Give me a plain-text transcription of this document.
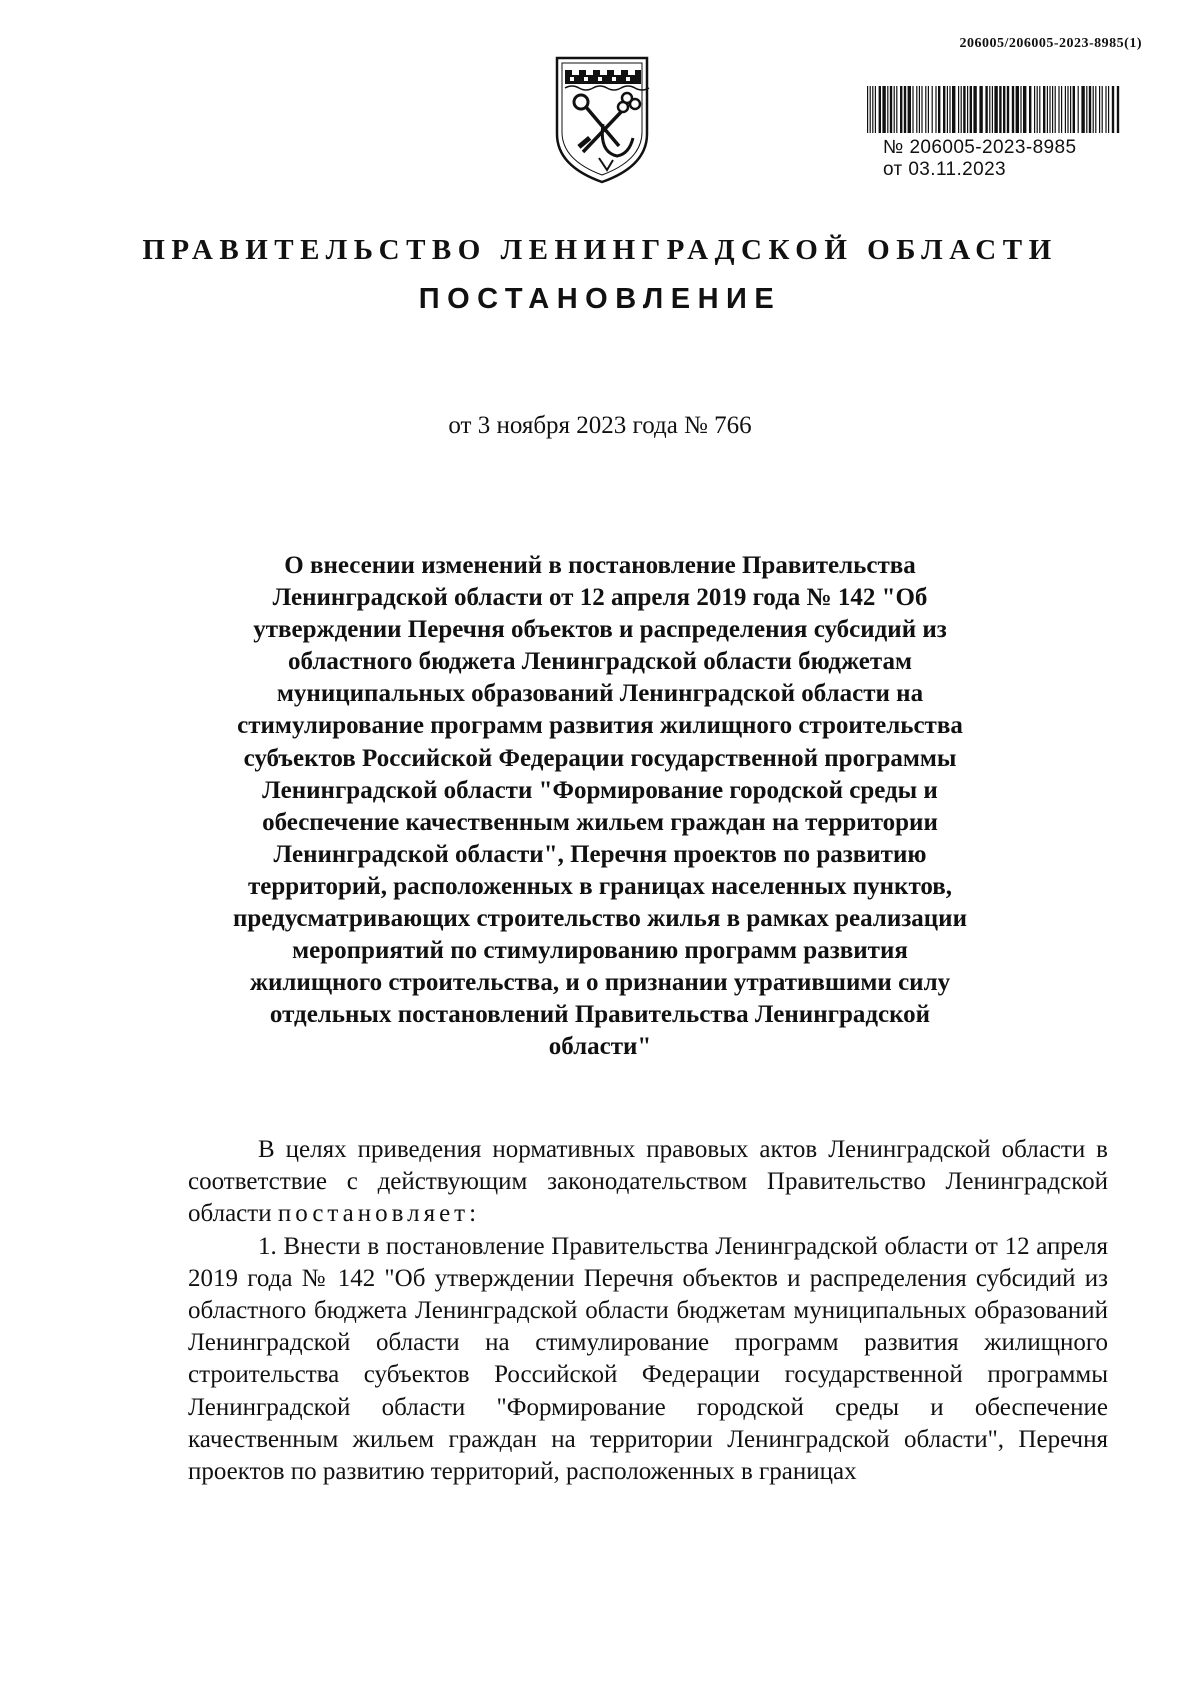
206005/206005-2023-8985(1)
№ 206005-2023-8985
от 03.11.2023
ПРАВИТЕЛЬСТВО ЛЕНИНГРАДСКОЙ ОБЛАСТИ
ПОСТАНОВЛЕНИЕ
от 3 ноября 2023 года № 766
О внесении изменений в постановление Правительства Ленинградской области от 12 апреля 2019 года № 142 "Об утверждении Перечня объектов и распределения субсидий из областного бюджета Ленинградской области бюджетам муниципальных образований Ленинградской области на стимулирование программ развития жилищного строительства субъектов Российской Федерации государственной программы Ленинградской области "Формирование городской среды и обеспечение качественным жильем граждан на территории Ленинградской области", Перечня проектов по развитию территорий, расположенных в границах населенных пунктов, предусматривающих строительство жилья в рамках реализации мероприятий по стимулированию программ развития жилищного строительства, и о признании утратившими силу отдельных постановлений Правительства Ленинградской области"

В целях приведения нормативных правовых актов Ленинградской области в соответствие с действующим законодательством Правительство Ленинградской области постановляет:

1. Внести в постановление Правительства Ленинградской области от 12 апреля 2019 года № 142 "Об утверждении Перечня объектов и распределения субсидий из областного бюджета Ленинградской области бюджетам муниципальных образований Ленинградской области на стимулирование программ развития жилищного строительства субъектов Российской Федерации государственной программы Ленинградской области "Формирование городской среды и обеспечение качественным жильем граждан на территории Ленинградской области", Перечня проектов по развитию территорий, расположенных в границах
